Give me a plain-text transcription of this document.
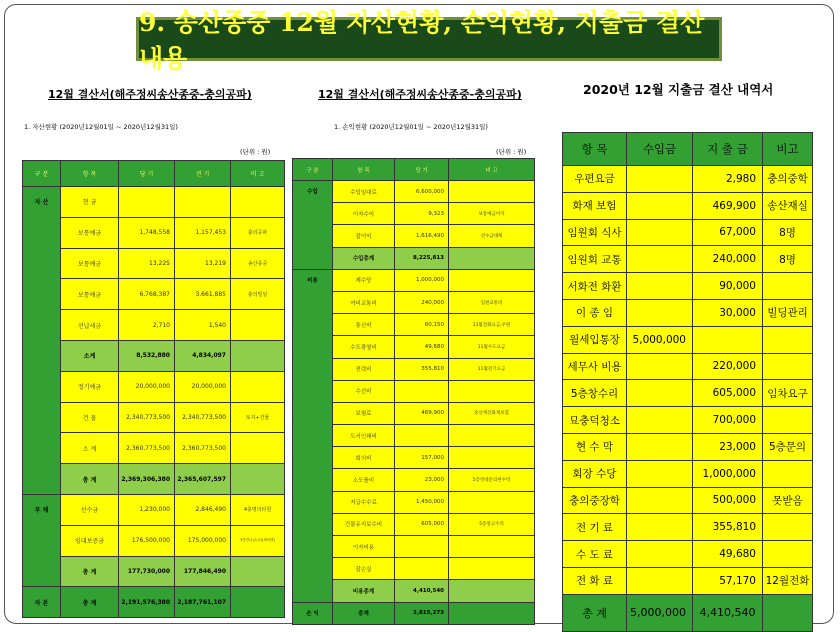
9. 송산종중 12월 자산현황, 손익현황, 지출금 결산 내용
12월 결산서(해주정씨송산종중-충의공파)
1. 자산현황 (2020년12월01일 ~ 2020년12월31일)
(단위 : 원)
구 분	항 목	당 기	전 기	비 고
자 산	현 금			
	보통예금	1,748,558	1,157,453	충의공파
	보통예금	13,225	13,219	송산종중
	보통예금	6,768,387	3,661,885	충의빌딩
	선납세금	2,710	1,540	
	소계	8,532,880	4,834,097	
	정기예금	20,000,000	20,000,000	
	건 물	2,340,773,500	2,340,773,500	토지+건물
	소 계	2,360,773,500	2,360,773,500	
	총 계	2,369,306,380	2,365,607,597	
부 채	선수금	1,230,000	2,846,490	4층명의타원
	임대보증금	176,500,000	175,000,000	3층건너(손녀)(헤어앤)
	총 계	177,730,000	177,846,490	
자 본	총 계	2,191,576,380	2,187,761,107	
12월 결산서(해주정씨송산종중-충의공파)
1. 손익현황 (2020년12월01일 ~ 2020년12월31일)
(단위 : 원)
구 분	항 목	당 기	비 고
수입	수입임대료	6,600,000	
	이자수익	9,323	보통예금이자
	잡이익	1,616,490	선수금대체
	수입총계	8,225,813	
비용	제수당	1,000,000	
	여비교통비	240,000	임원교통비
	통신비	60,150	11월전화요금,우편
	수도광열비	49,680	11월수도요금
	전력비	355,810	11월전기요금
	수선비		
	보험료	469,900	송산재신화재보험
	도서인쇄비		
	회의비	157,000	
	소모품비	23,000	5층영대문의현수막
	지급수수료	1,450,000	
	건물유지보수비	605,000	5층창고수리
	이자비용		
	잡손실		
	비용총계	4,410,540	
손 익	총계	3,815,273	
2020년 12월 지출금 결산 내역서
항 목	수입금	지 출 금	비고
우편요금		2,980	충의중학
화재 보험		469,900	송산재실
임원회 식사		67,000	8명
임원회 교통		240,000	8명
서화전 화환		90,000	
이 종 임		30,000	빌딩관리
월세입통장	5,000,000		
세무사 비용		220,000	
5층창수리		605,000	임차요구
묘충덕청소		700,000	
현 수 막		23,000	5층문의
회장 수당		1,000,000	
충의중장학		500,000	못받음
전 기 료		355,810	
수 도 료		49,680	
전 화 료		57,170	12월전화
총 계	5,000,000	4,410,540	
